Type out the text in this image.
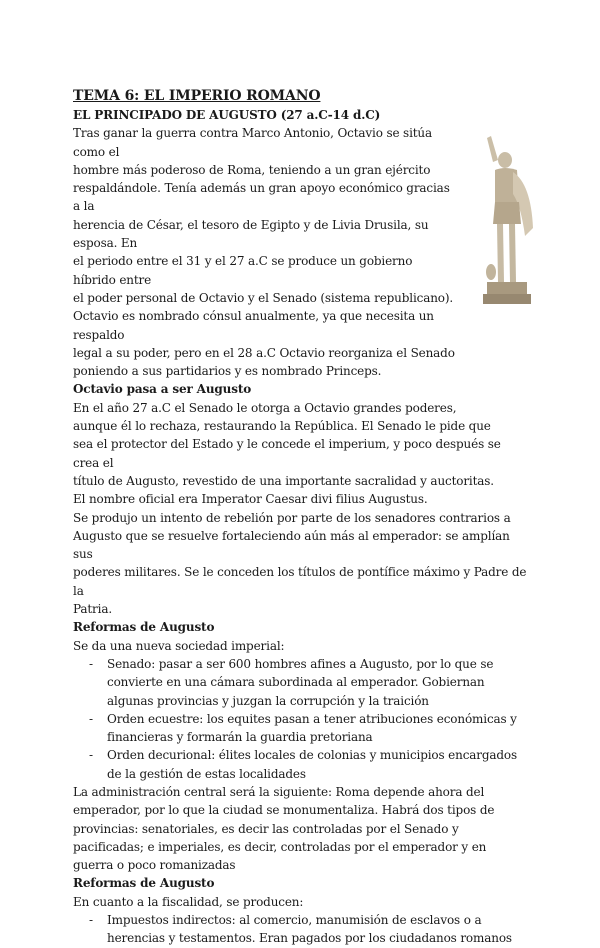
TEMA 6: EL IMPERIO ROMANO
EL PRINCIPADO DE AUGUSTO (27 a.C-14 d.C)

Tras ganar la guerra contra Marco Antonio, Octavio se sitúa como el

hombre más poderoso de Roma, teniendo a un gran ejército

respaldándole. Tenía además un gran apoyo económico gracias a la

herencia de César, el tesoro de Egipto y de Livia Drusila, su esposa. En

el periodo entre el 31 y el 27 a.C se produce un gobierno híbrido entre

el poder personal de Octavio y el Senado (sistema republicano).

Octavio es nombrado cónsul anualmente, ya que necesita un respaldo

legal a su poder, pero en el 28 a.C Octavio reorganiza el Senado

poniendo a sus partidarios y es nombrado Princeps.

Octavio pasa a ser Augusto

En el año 27 a.C el Senado le otorga a Octavio grandes poderes,

aunque él lo rechaza, restaurando la República. El Senado le pide que

sea el protector del Estado y le concede el imperium, y poco después se crea el

título de Augusto, revestido de una importante sacralidad y auctoritas.

El nombre oficial era Imperator Caesar divi filius Augustus.

Se produjo un intento de rebelión por parte de los senadores contrarios a

Augusto que se resuelve fortaleciendo aún más al emperador: se amplían sus

poderes militares. Se le conceden los títulos de pontífice máximo y Padre de la

Patria.

Reformas de Augusto

Se da una nueva sociedad imperial:

- Senado: pasar a ser 600 hombres afines a Augusto, por lo que se convierte en una cámara subordinada al emperador. Gobiernan algunas provincias y juzgan la corrupción y la traición
- Orden ecuestre: los equites pasan a tener atribuciones económicas y financieras y formarán la guardia pretoriana
- Orden decurional: élites locales de colonias y municipios encargados de la gestión de estas localidades

La administración central será la siguiente: Roma depende ahora del emperador, por lo que la ciudad se monumentaliza. Habrá dos tipos de provincias: senatoriales, es decir las controladas por el Senado y pacificadas; e imperiales, es decir, controladas por el emperador y en guerra o poco romanizadas

Reformas de Augusto

En cuanto a la fiscalidad, se producen:

- Impuestos indirectos: al comercio, manumisión de esclavos o a herencias y testamentos. Eran pagados por los ciudadanos romanos
